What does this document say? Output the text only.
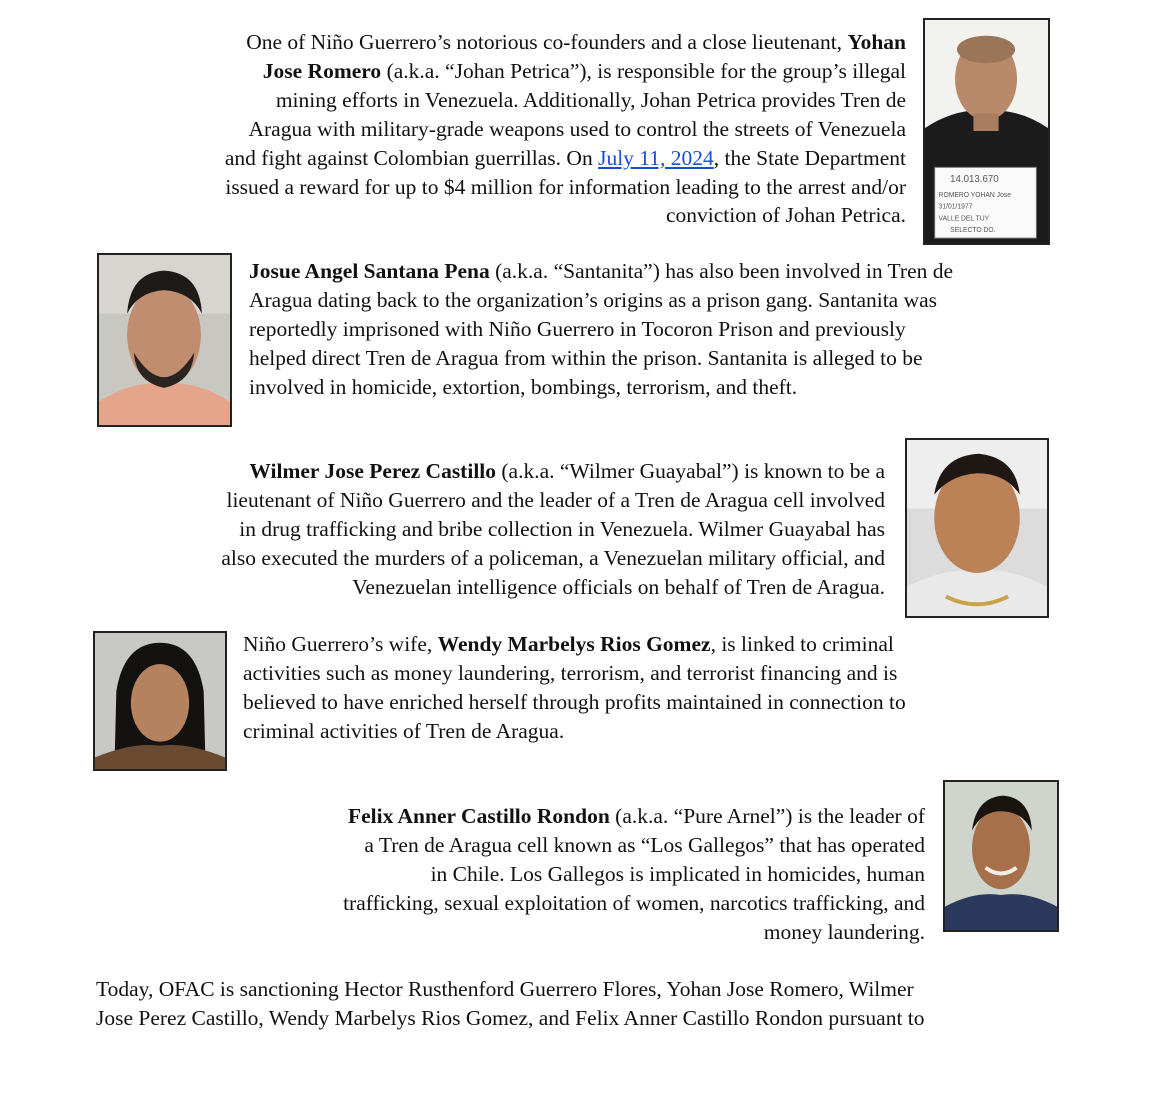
One of Niño Guerrero’s notorious co-founders and a close lieutenant, Yohan
Jose Romero (a.k.a. “Johan Petrica”), is responsible for the group’s illegal
mining efforts in Venezuela. Additionally, Johan Petrica provides Tren de
Aragua with military-grade weapons used to control the streets of Venezuela
and fight against Colombian guerrillas. On July 11, 2024, the State Department
issued a reward for up to $4 million for information leading to the arrest and/or
conviction of Johan Petrica.
14.013.670
ROMERO YOHAN Jose
31/01/1977
VALLE DEL TUY
SELECTO DO.
Josue Angel Santana Pena (a.k.a. “Santanita”) has also been involved in Tren de
Aragua dating back to the organization’s origins as a prison gang. Santanita was
reportedly imprisoned with Niño Guerrero in Tocoron Prison and previously
helped direct Tren de Aragua from within the prison. Santanita is alleged to be
involved in homicide, extortion, bombings, terrorism, and theft.
Wilmer Jose Perez Castillo (a.k.a. “Wilmer Guayabal”) is known to be a
lieutenant of Niño Guerrero and the leader of a Tren de Aragua cell involved
in drug trafficking and bribe collection in Venezuela. Wilmer Guayabal has
also executed the murders of a policeman, a Venezuelan military official, and
Venezuelan intelligence officials on behalf of Tren de Aragua.
Niño Guerrero’s wife, Wendy Marbelys Rios Gomez, is linked to criminal
activities such as money laundering, terrorism, and terrorist financing and is
believed to have enriched herself through profits maintained in connection to
criminal activities of Tren de Aragua.
Felix Anner Castillo Rondon (a.k.a. “Pure Arnel”) is the leader of
a Tren de Aragua cell known as “Los Gallegos” that has operated
in Chile. Los Gallegos is implicated in homicides, human
trafficking, sexual exploitation of women, narcotics trafficking, and
money laundering.
Today, OFAC is sanctioning Hector Rusthenford Guerrero Flores, Yohan Jose Romero, Wilmer
Jose Perez Castillo, Wendy Marbelys Rios Gomez, and Felix Anner Castillo Rondon pursuant to
